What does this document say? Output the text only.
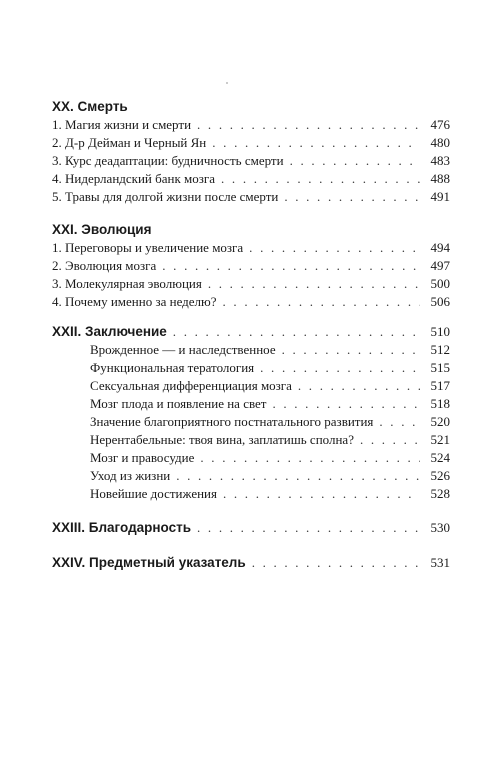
XX. Смерть
1. Магия жизни и смерти . . .	476
2. Д-р Дейман и Черный Ян . . .	480
3. Курс деадаптации: будничность смерти . . .	483
4. Нидерландский банк мозга . . .	488
5. Травы для долгой жизни после смерти . . .	491
XXI. Эволюция
1. Переговоры и увеличение мозга . . .	494
2. Эволюция мозга . . .	497
3. Молекулярная эволюция . . .	500
4. Почему именно за неделю? . . .	506
XXII. Заключение . . .	510
Врожденное — и наследственное . . .	512
Функциональная тератология . . .	515
Сексуальная дифференциация мозга . . .	517
Мозг плода и появление на свет . . .	518
Значение благоприятного постнатального развития . . .	520
Нерентабельные: твоя вина, заплатишь сполна? . . .	521
Мозг и правосудие . . .	524
Уход из жизни . . .	526
Новейшие достижения . . .	528
XXIII. Благодарность . . .	530
XXIV. Предметный указатель . . .	531
